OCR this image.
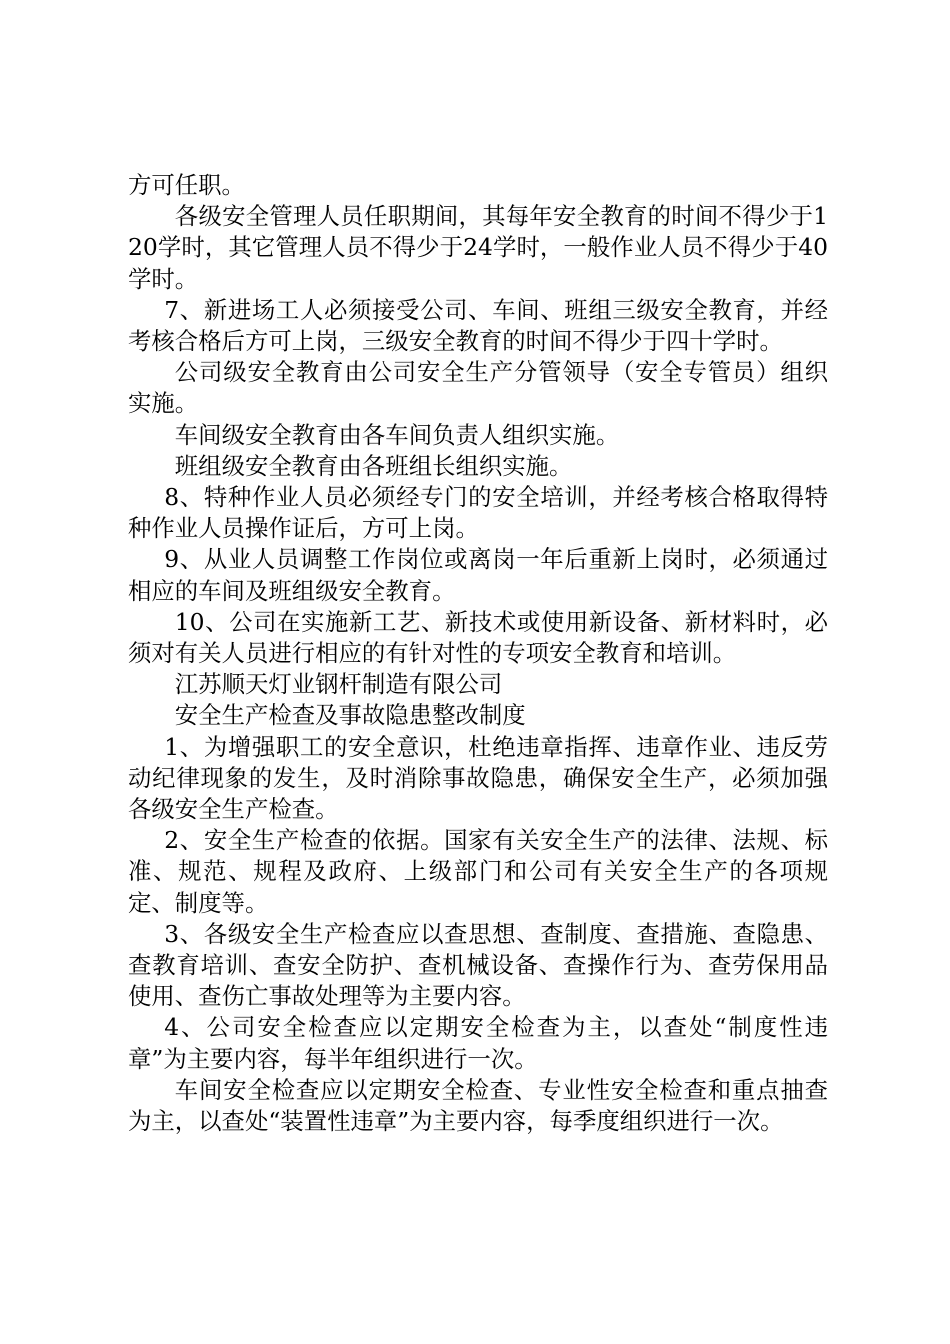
方可任职。

各级安全管理人员任职期间，其每年安全教育的时间不得少于120学时，其它管理人员不得少于24学时，一般作业人员不得少于40学时。

7、新进场工人必须接受公司、车间、班组三级安全教育，并经考核合格后方可上岗，三级安全教育的时间不得少于四十学时。

公司级安全教育由公司安全生产分管领导（安全专管员）组织实施。

车间级安全教育由各车间负责人组织实施。

班组级安全教育由各班组长组织实施。

8、特种作业人员必须经专门的安全培训，并经考核合格取得特种作业人员操作证后，方可上岗。

9、从业人员调整工作岗位或离岗一年后重新上岗时，必须通过相应的车间及班组级安全教育。

10、公司在实施新工艺、新技术或使用新设备、新材料时，必须对有关人员进行相应的有针对性的专项安全教育和培训。

江苏顺天灯业钢杆制造有限公司

安全生产检查及事故隐患整改制度

1、为增强职工的安全意识，杜绝违章指挥、违章作业、违反劳动纪律现象的发生，及时消除事故隐患，确保安全生产，必须加强各级安全生产检查。

2、安全生产检查的依据。国家有关安全生产的法律、法规、标准、规范、规程及政府、上级部门和公司有关安全生产的各项规定、制度等。

3、各级安全生产检查应以查思想、查制度、查措施、查隐患、查教育培训、查安全防护、查机械设备、查操作行为、查劳保用品使用、查伤亡事故处理等为主要内容。

4、公司安全检查应以定期安全检查为主，以查处“制度性违章”为主要内容，每半年组织进行一次。

车间安全检查应以定期安全检查、专业性安全检查和重点抽查为主，以查处“装置性违章”为主要内容，每季度组织进行一次。
